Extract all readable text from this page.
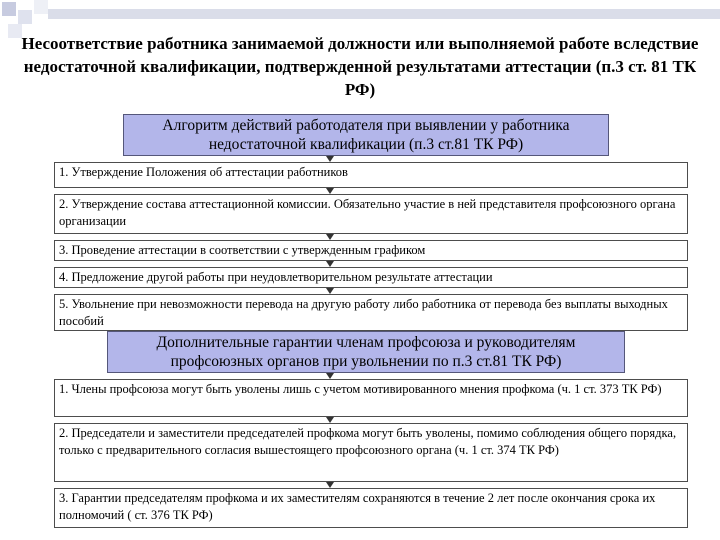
Несоответствие работника занимаемой должности или выполняемой работе вследствие недостаточной квалификации, подтвержденной результатами аттестации (п.3 ст. 81 ТК РФ)
Алгоритм действий работодателя при выявлении у работника недостаточной квалификации (п.3 ст.81 ТК РФ)
1. Утверждение Положения об аттестации работников
2. Утверждение состава аттестационной комиссии. Обязательно участие в ней представителя профсоюзного органа организации
3. Проведение аттестации в соответствии с утвержденным графиком
4. Предложение другой работы при неудовлетворительном результате аттестации
5. Увольнение при невозможности перевода на другую работу либо работника от перевода без выплаты выходных пособий
Дополнительные гарантии членам профсоюза и руководителям профсоюзных органов при увольнении по п.3 ст.81 ТК РФ)
1. Члены профсоюза могут быть уволены лишь с учетом мотивированного мнения профкома (ч. 1 ст. 373 ТК РФ)
2. Председатели и заместители председателей профкома могут быть уволены, помимо соблюдения общего порядка, только с предварительного согласия вышестоящего профсоюзного органа (ч. 1 ст. 374 ТК РФ)
3. Гарантии председателям профкома и их заместителям сохраняются в течение 2 лет после окончания срока их полномочий ( ст. 376 ТК РФ)
